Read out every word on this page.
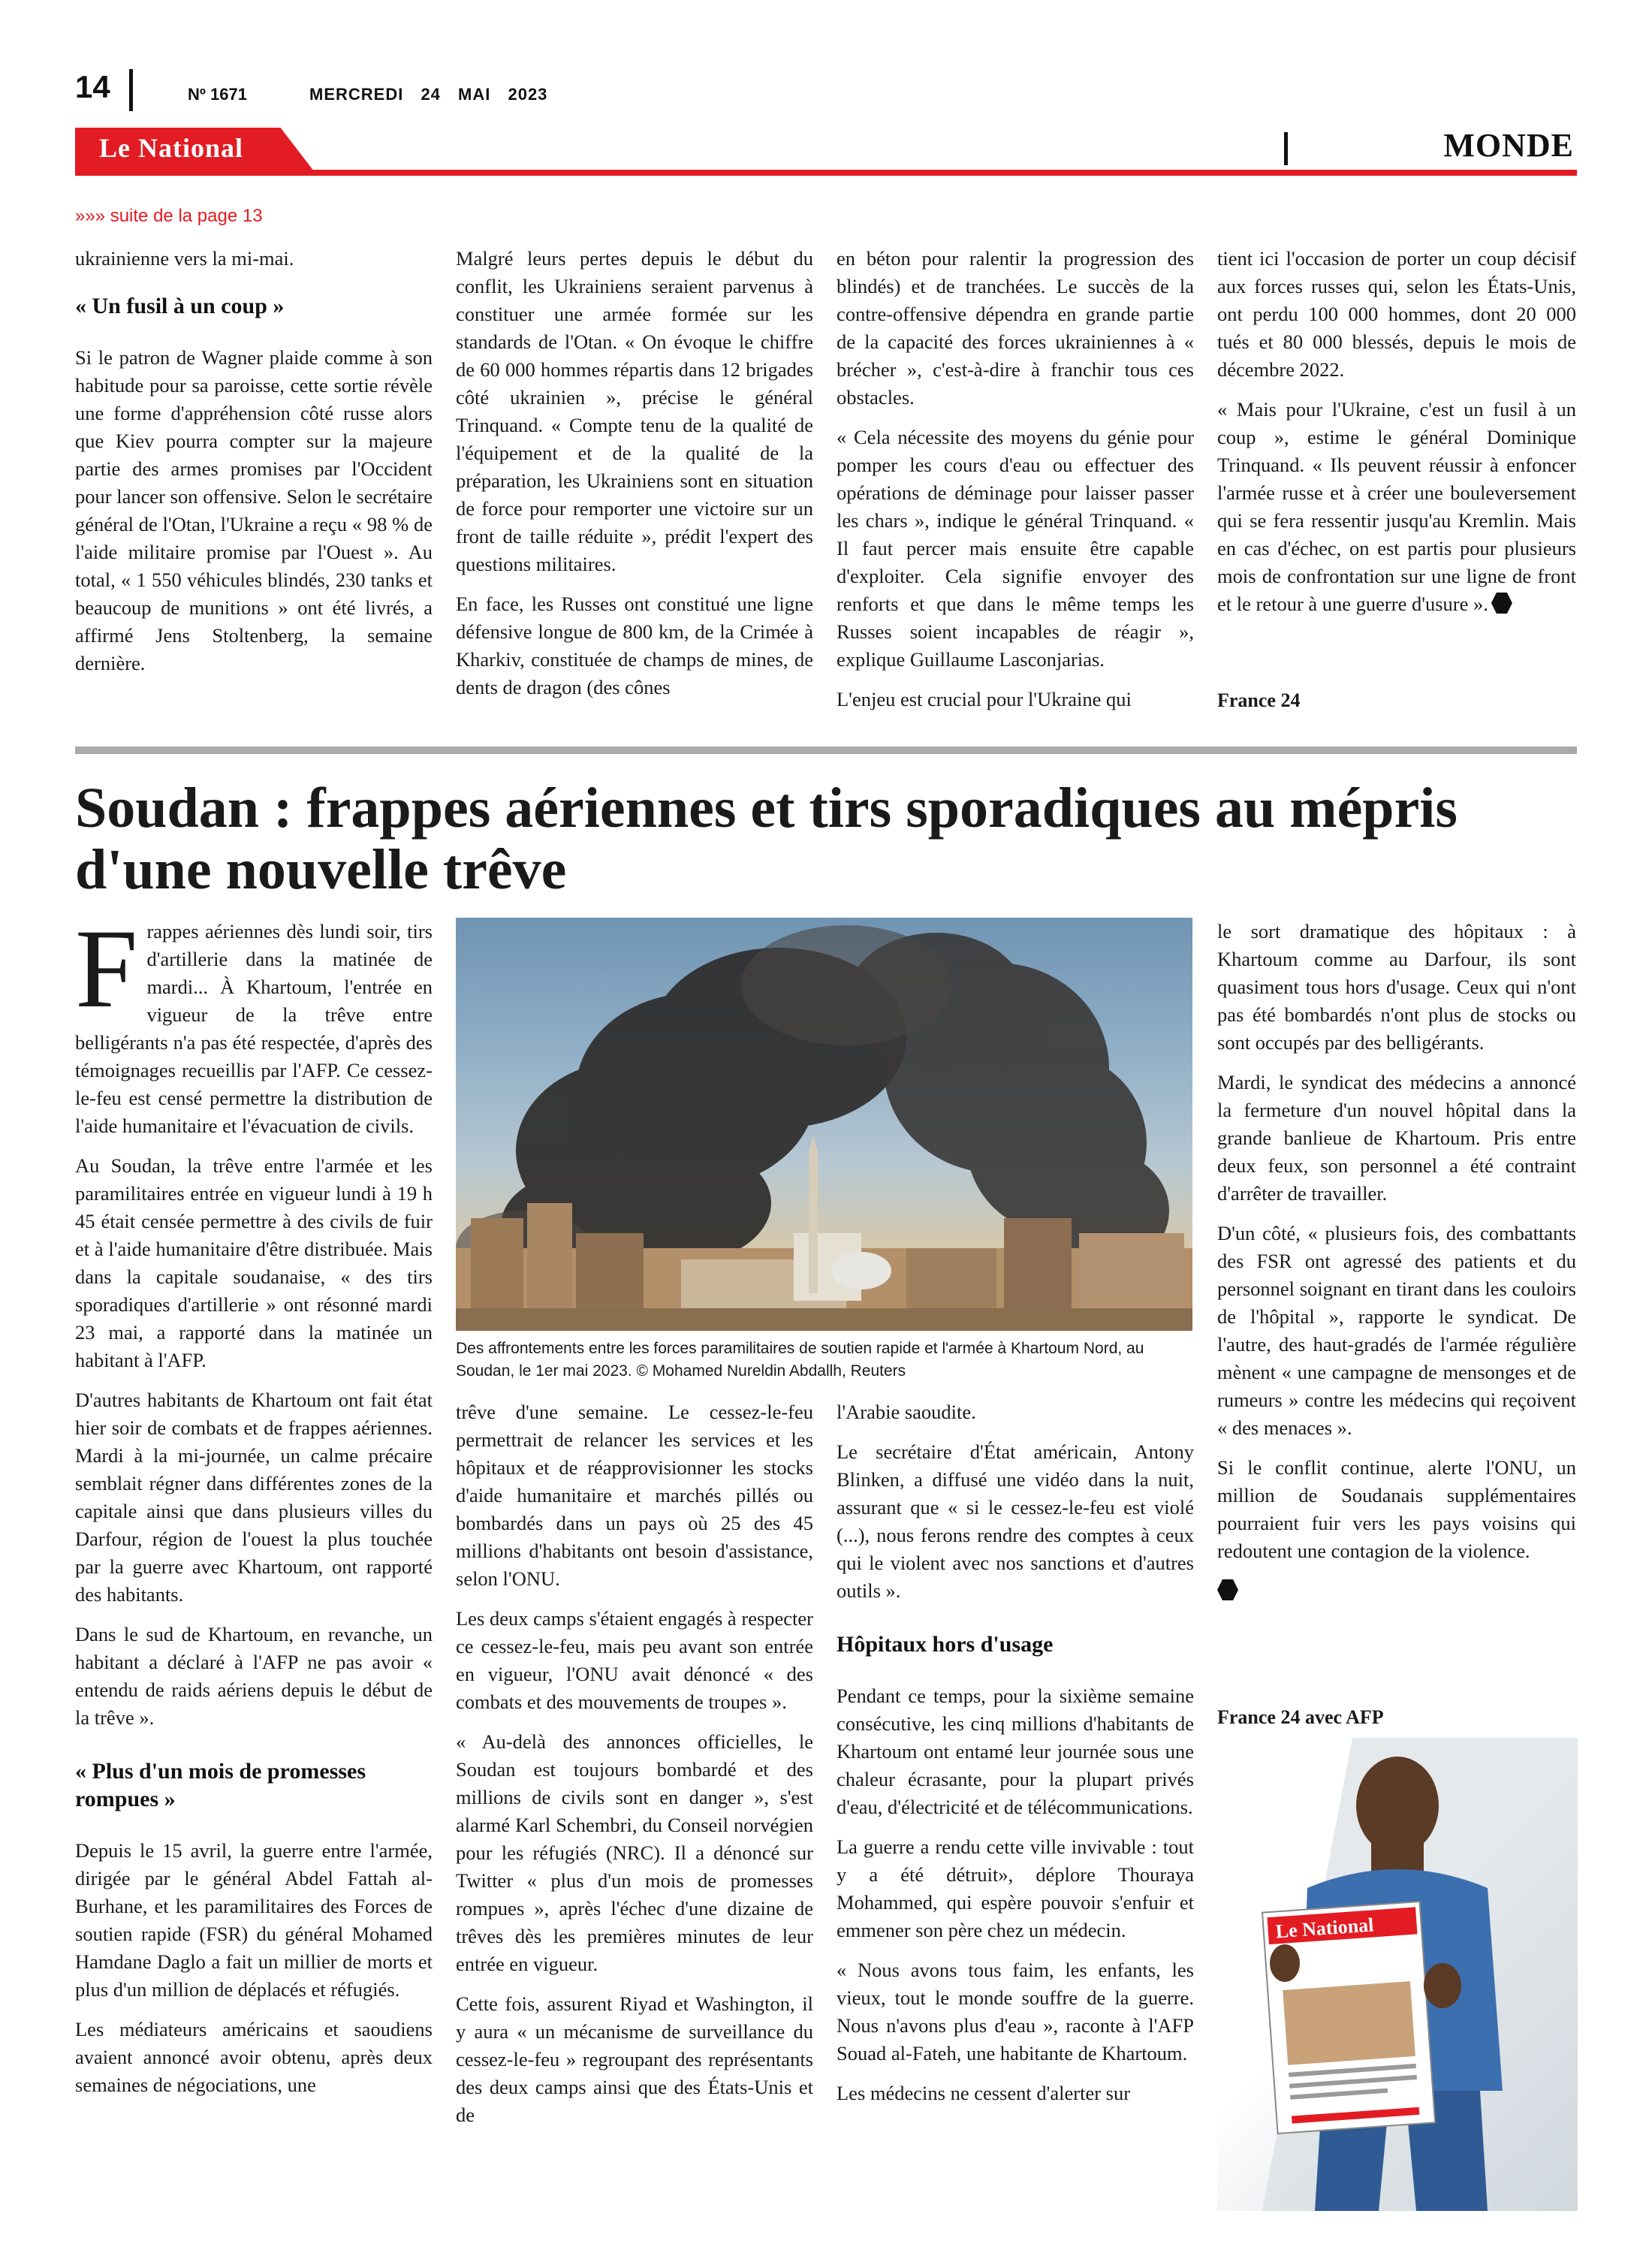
14	Nº 1671	MERCREDI 24 MAI 2023
Le National	MONDE
»»» suite de la page 13

ukrainienne vers la mi-mai.

« Un fusil à un coup »

Si le patron de Wagner plaide comme à son habitude pour sa paroisse, cette sortie révèle une forme d'appréhension côté russe alors que Kiev pourra compter sur la majeure partie des armes promises par l'Occident pour lancer son offensive. Selon le secrétaire général de l'Otan, l'Ukraine a reçu « 98 % de l'aide militaire promise par l'Ouest ». Au total, « 1 550 véhicules blindés, 230 tanks et beaucoup de munitions » ont été livrés, a affirmé Jens Stoltenberg, la semaine dernière.

Malgré leurs pertes depuis le début du conflit, les Ukrainiens seraient parvenus à constituer une armée formée sur les standards de l'Otan. « On évoque le chiffre de 60 000 hommes répartis dans 12 brigades côté ukrainien », précise le général Trinquand. « Compte tenu de la qualité de l'équipement et de la qualité de la préparation, les Ukrainiens sont en situation de force pour remporter une victoire sur un front de taille réduite », prédit l'expert des questions militaires.

En face, les Russes ont constitué une ligne défensive longue de 800 km, de la Crimée à Kharkiv, constituée de champs de mines, de dents de dragon (des cônes

en béton pour ralentir la progression des blindés) et de tranchées. Le succès de la contre-offensive dépendra en grande partie de la capacité des forces ukrainiennes à « brécher », c'est-à-dire à franchir tous ces obstacles.

« Cela nécessite des moyens du génie pour pomper les cours d'eau ou effectuer des opérations de déminage pour laisser passer les chars », indique le général Trinquand. « Il faut percer mais ensuite être capable d'exploiter. Cela signifie envoyer des renforts et que dans le même temps les Russes soient incapables de réagir », explique Guillaume Lasconjarias.

L'enjeu est crucial pour l'Ukraine qui

tient ici l'occasion de porter un coup décisif aux forces russes qui, selon les États-Unis, ont perdu 100 000 hommes, dont 20 000 tués et 80 000 blessés, depuis le mois de décembre 2022.

« Mais pour l'Ukraine, c'est un fusil à un coup », estime le général Dominique Trinquand. « Ils peuvent réussir à enfoncer l'armée russe et à créer une bouleversement qui se fera ressentir jusqu'au Kremlin. Mais en cas d'échec, on est partis pour plusieurs mois de confrontation sur une ligne de front et le retour à une guerre d'usure ».

France 24
Soudan : frappes aériennes et tirs sporadiques au mépris d'une nouvelle trêve

Frappes aériennes dès lundi soir, tirs d'artillerie dans la matinée de mardi... À Khartoum, l'entrée en vigueur de la trêve entre belligérants n'a pas été respectée, d'après des témoignages recueillis par l'AFP. Ce cessez-le-feu est censé permettre la distribution de l'aide humanitaire et l'évacuation de civils.

Au Soudan, la trêve entre l'armée et les paramilitaires entrée en vigueur lundi à 19 h 45 était censée permettre à des civils de fuir et à l'aide humanitaire d'être distribuée. Mais dans la capitale soudanaise, « des tirs sporadiques d'artillerie » ont résonné mardi 23 mai, a rapporté dans la matinée un habitant à l'AFP.

D'autres habitants de Khartoum ont fait état hier soir de combats et de frappes aériennes. Mardi à la mi-journée, un calme précaire semblait régner dans différentes zones de la capitale ainsi que dans plusieurs villes du Darfour, région de l'ouest la plus touchée par la guerre avec Khartoum, ont rapporté des habitants.

Dans le sud de Khartoum, en revanche, un habitant a déclaré à l'AFP ne pas avoir « entendu de raids aériens depuis le début de la trêve ».

« Plus d'un mois de promesses rompues »

Depuis le 15 avril, la guerre entre l'armée, dirigée par le général Abdel Fattah al-Burhane, et les paramilitaires des Forces de soutien rapide (FSR) du général Mohamed Hamdane Daglo a fait un millier de morts et plus d'un million de déplacés et réfugiés.

Les médiateurs américains et saoudiens avaient annoncé avoir obtenu, après deux semaines de négociations, une

Des affrontements entre les forces paramilitaires de soutien rapide et l'armée à Khartoum Nord, au Soudan, le 1er mai 2023. © Mohamed Nureldin Abdallh, Reuters

trêve d'une semaine. Le cessez-le-feu permettrait de relancer les services et les hôpitaux et de réapprovisionner les stocks d'aide humanitaire et marchés pillés ou bombardés dans un pays où 25 des 45 millions d'habitants ont besoin d'assistance, selon l'ONU.

Les deux camps s'étaient engagés à respecter ce cessez-le-feu, mais peu avant son entrée en vigueur, l'ONU avait dénoncé « des combats et des mouvements de troupes ».

« Au-delà des annonces officielles, le Soudan est toujours bombardé et des millions de civils sont en danger », s'est alarmé Karl Schembri, du Conseil norvégien pour les réfugiés (NRC). Il a dénoncé sur Twitter « plus d'un mois de promesses rompues », après l'échec d'une dizaine de trêves dès les premières minutes de leur entrée en vigueur.

Cette fois, assurent Riyad et Washington, il y aura « un mécanisme de surveillance du cessez-le-feu » regroupant des représentants des deux camps ainsi que des États-Unis et de

l'Arabie saoudite.

Le secrétaire d'État américain, Antony Blinken, a diffusé une vidéo dans la nuit, assurant que « si le cessez-le-feu est violé (...), nous ferons rendre des comptes à ceux qui le violent avec nos sanctions et d'autres outils ».

Hôpitaux hors d'usage

Pendant ce temps, pour la sixième semaine consécutive, les cinq millions d'habitants de Khartoum ont entamé leur journée sous une chaleur écrasante, pour la plupart privés d'eau, d'électricité et de télécommunications.

La guerre a rendu cette ville invivable : tout y a été détruit», déplore Thouraya Mohammed, qui espère pouvoir s'enfuir et emmener son père chez un médecin.

« Nous avons tous faim, les enfants, les vieux, tout le monde souffre de la guerre. Nous n'avons plus d'eau », raconte à l'AFP Souad al-Fateh, une habitante de Khartoum.

Les médecins ne cessent d'alerter sur

le sort dramatique des hôpitaux : à Khartoum comme au Darfour, ils sont quasiment tous hors d'usage. Ceux qui n'ont pas été bombardés n'ont plus de stocks ou sont occupés par des belligérants.

Mardi, le syndicat des médecins a annoncé la fermeture d'un nouvel hôpital dans la grande banlieue de Khartoum. Pris entre deux feux, son personnel a été contraint d'arrêter de travailler.

D'un côté, « plusieurs fois, des combattants des FSR ont agressé des patients et du personnel soignant en tirant dans les couloirs de l'hôpital », rapporte le syndicat. De l'autre, des haut-gradés de l'armée régulière mènent « une campagne de mensonges et de rumeurs » contre les médecins qui reçoivent « des menaces ».

Si le conflit continue, alerte l'ONU, un million de Soudanais supplémentaires pourraient fuir vers les pays voisins qui redoutent une contagion de la violence.

France 24 avec AFP
Le National
